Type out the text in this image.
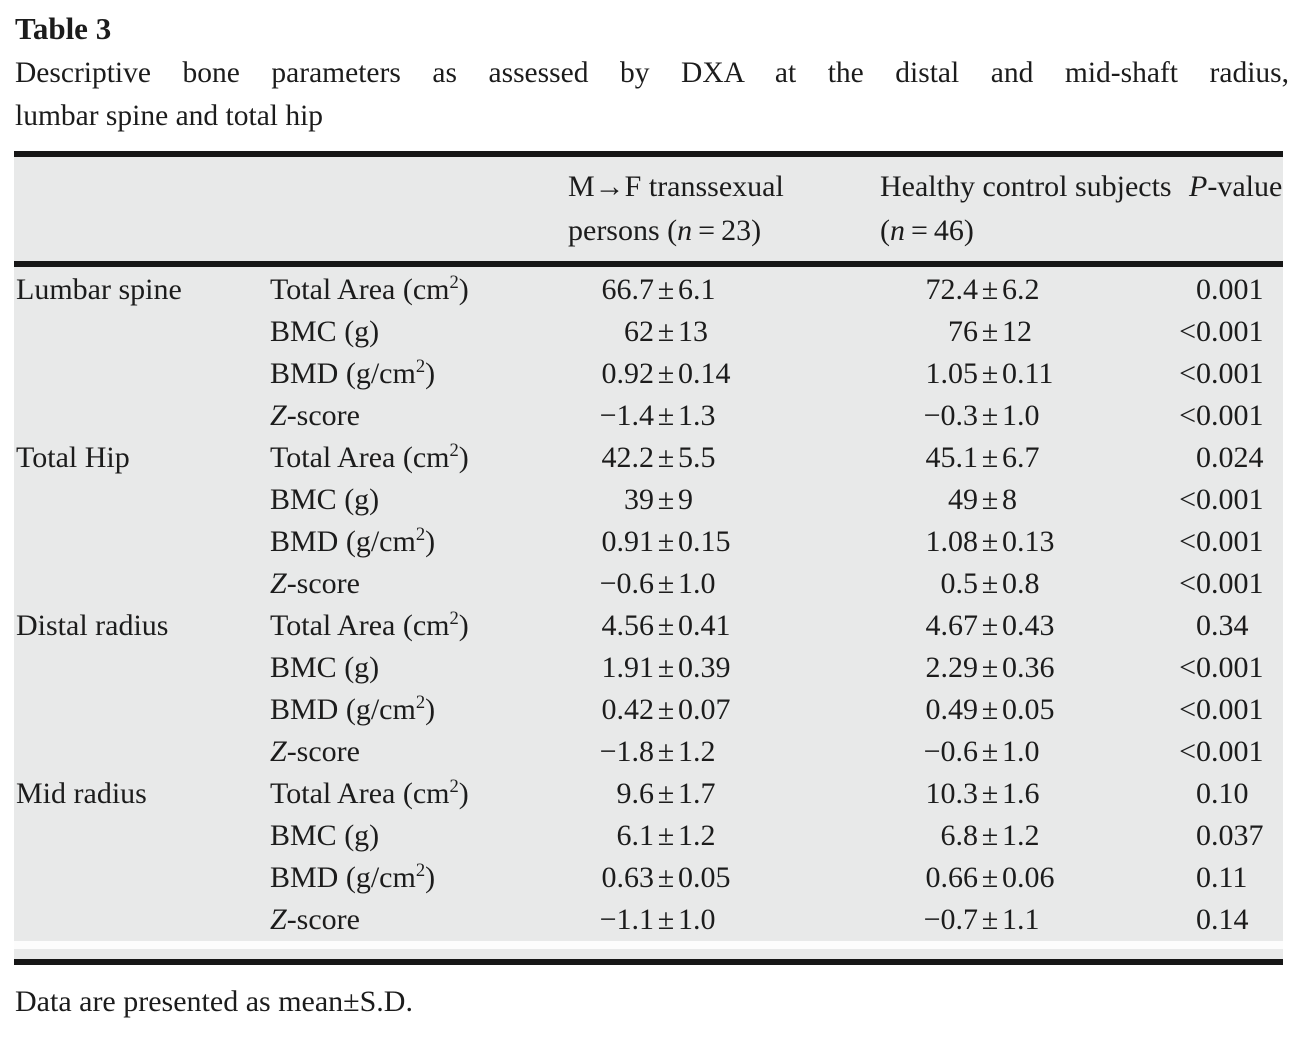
Table 3
Descriptive bone parameters as assessed by DXA at the distal and mid-shaft radius,
lumbar spine and total hip
M→F transsexual persons (n = 23)
Healthy control subjects (n = 46)
P-value
Lumbar spine	Total Area $(cm^2)$	66.7 ± 6.1	72.4 ± 6.2	0.001
BMC (g)	62 ± 13	76 ± 12	< 0.001
BMD $(g/cm^2)$	0.92 ± 0.14	1.05 ± 0.11	< 0.001
Z-score	−1.4 ± 1.3	−0.3 ± 1.0	< 0.001
Total Hip	Total Area $(cm^2)$	42.2 ± 5.5	45.1 ± 6.7	0.024
BMC (g)	39 ± 9	49 ± 8	< 0.001
BMD $(g/cm^2)$	0.91 ± 0.15	1.08 ± 0.13	< 0.001
Z-score	−0.6 ± 1.0	0.5 ± 0.8	< 0.001
Distal radius	Total Area $(cm^2)$	4.56 ± 0.41	4.67 ± 0.43	0.34
BMC (g)	1.91 ± 0.39	2.29 ± 0.36	< 0.001
BMD $(g/cm^2)$	0.42 ± 0.07	0.49 ± 0.05	< 0.001
Z-score	−1.8 ± 1.2	−0.6 ± 1.0	< 0.001
Mid radius	Total Area $(cm^2)$	9.6 ± 1.7	10.3 ± 1.6	0.10
BMC (g)	6.1 ± 1.2	6.8 ± 1.2	0.037
BMD $(g/cm^2)$	0.63 ± 0.05	0.66 ± 0.06	0.11
Z-score	−1.1 ± 1.0	−0.7 ± 1.1	0.14
Data are presented as mean±S.D.
